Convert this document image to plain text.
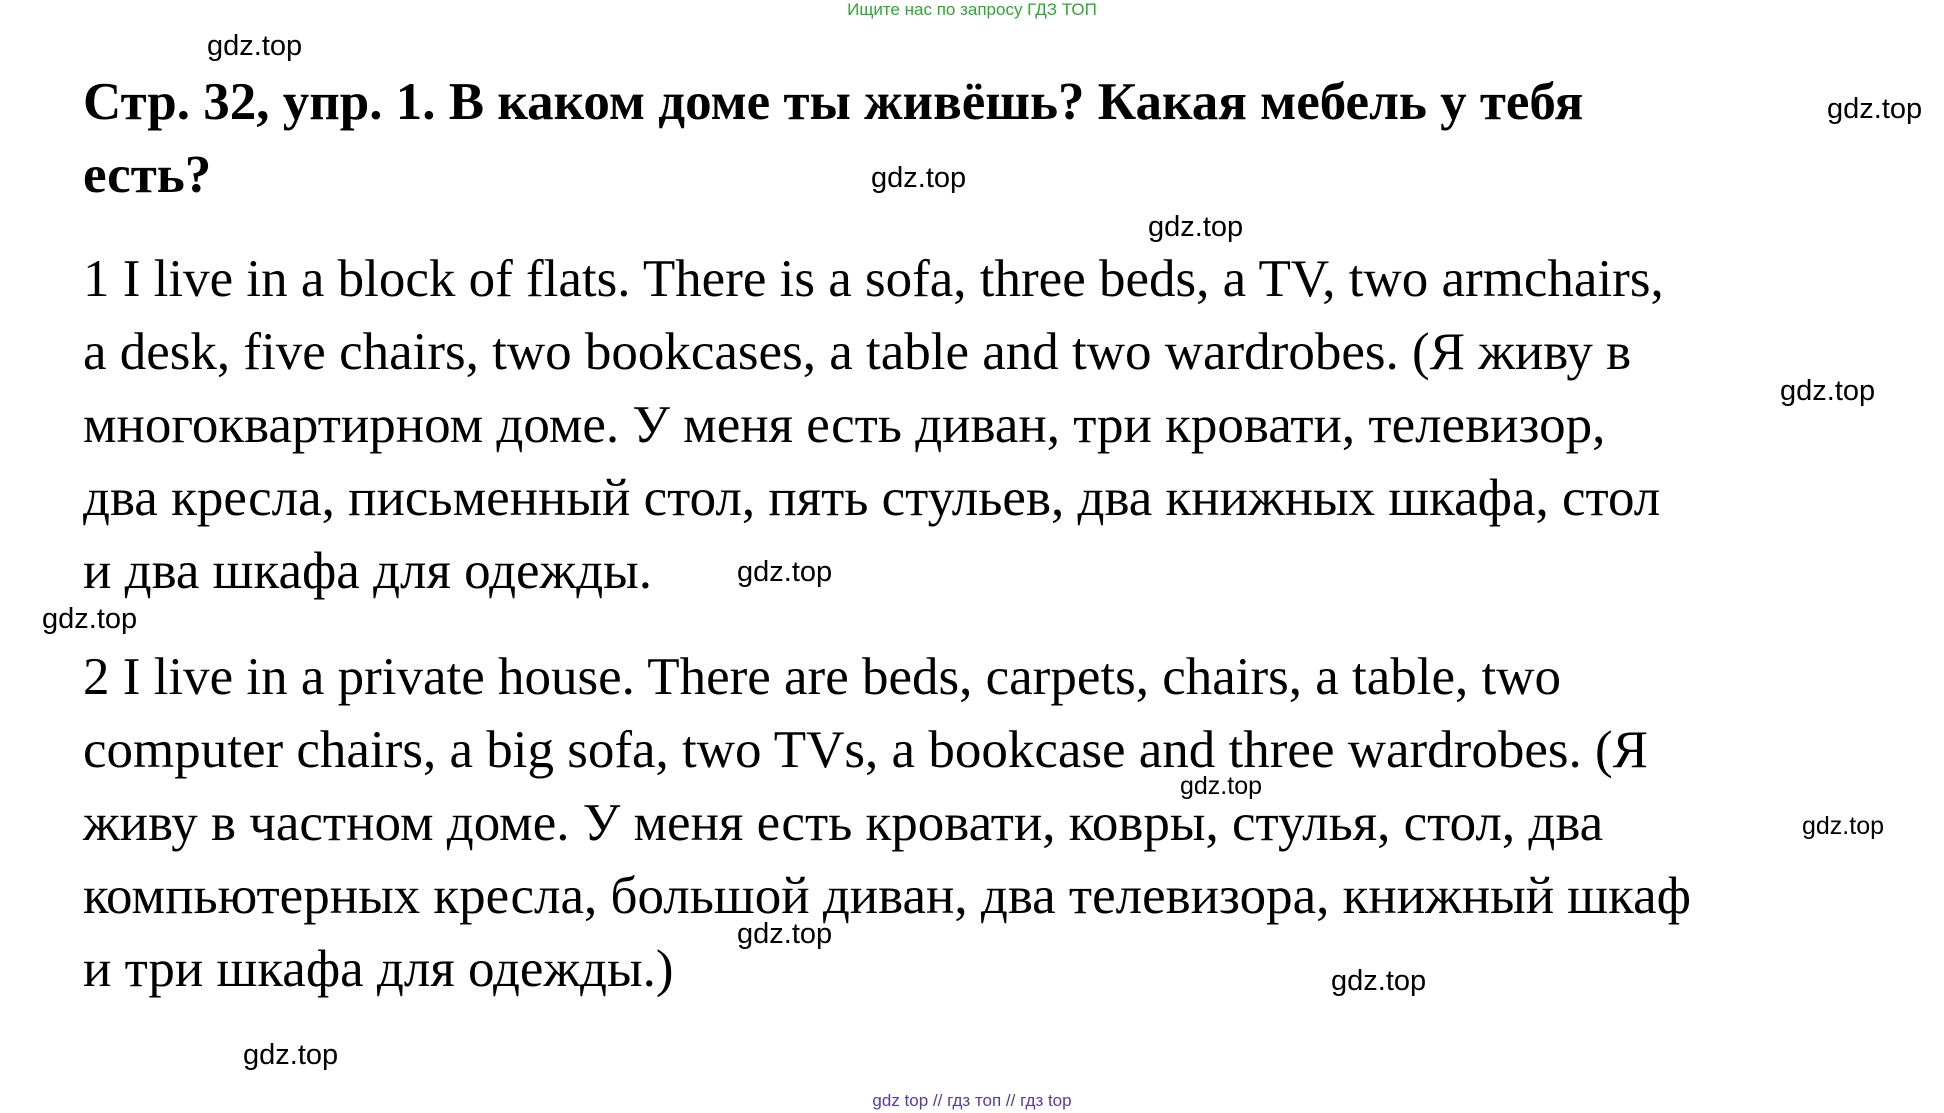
Ищите нас по запросу ГДЗ ТОП
Стр. 32, упр. 1. В каком доме ты живёшь? Какая мебель у тебя
есть?
1 I live in a block of flats. There is a sofa, three beds, a TV, two armchairs,
a desk, five chairs, two bookcases, a table and two wardrobes. (Я живу в
многоквартирном доме. У меня есть диван, три кровати, телевизор,
два кресла, письменный стол, пять стульев, два книжных шкафа, стол
и два шкафа для одежды.
2 I live in a private house. There are beds, carpets, chairs, a table, two
computer chairs, a big sofa, two TVs, a bookcase and three wardrobes. (Я
живу в частном доме. У меня есть кровати, ковры, стулья, стол, два
компьютерных кресла, большой диван, два телевизора, книжный шкаф
и три шкафа для одежды.)
gdz.top
gdz.top
gdz.top
gdz.top
gdz.top
gdz.top
gdz.top
gdz.top
gdz.top
gdz.top
gdz.top
gdz.top
gdz top // гдз топ // гдз top
